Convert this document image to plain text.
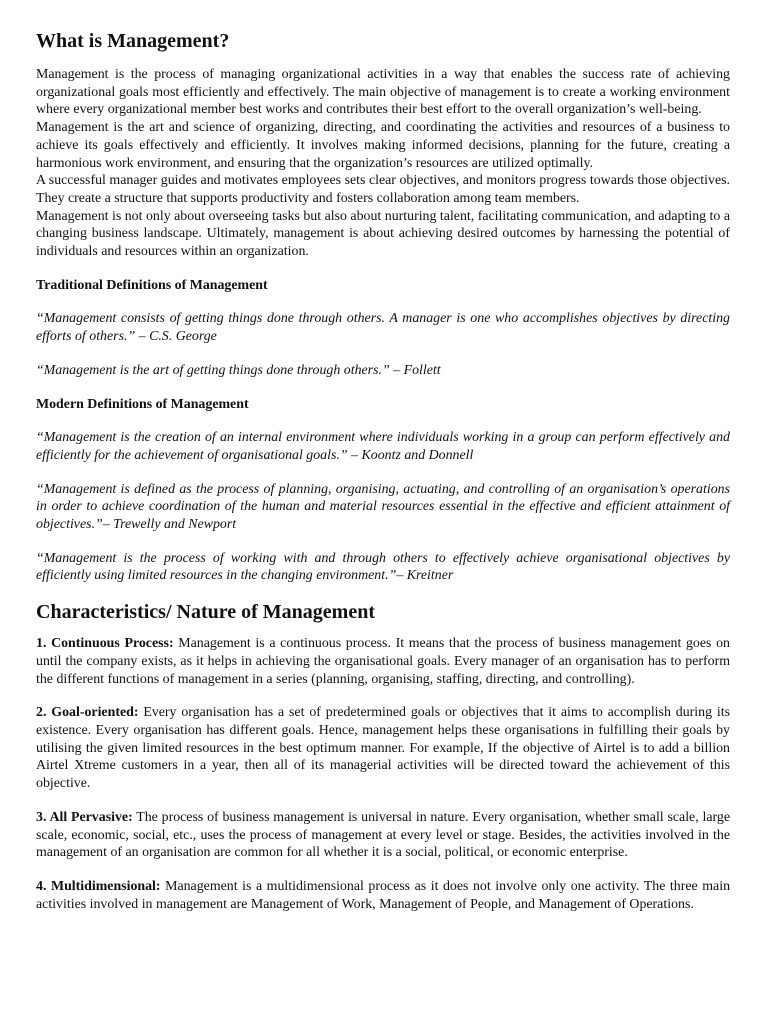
What is Management?

Management is the process of managing organizational activities in a way that enables the success rate of achieving organizational goals most efficiently and effectively. The main objective of management is to create a working environment where every organizational member best works and contributes their best effort to the overall organization’s well-being.

Management is the art and science of organizing, directing, and coordinating the activities and resources of a business to achieve its goals effectively and efficiently. It involves making informed decisions, planning for the future, creating a harmonious work environment, and ensuring that the organization’s resources are utilized optimally.

A successful manager guides and motivates employees sets clear objectives, and monitors progress towards those objectives. They create a structure that supports productivity and fosters collaboration among team members.

Management is not only about overseeing tasks but also about nurturing talent, facilitating communication, and adapting to a changing business landscape. Ultimately, management is about achieving desired outcomes by harnessing the potential of individuals and resources within an organization.

Traditional Definitions of Management

“Management consists of getting things done through others. A manager is one who accomplishes objectives by directing efforts of others.” – C.S. George

“Management is the art of getting things done through others.” – Follett

Modern Definitions of Management

“Management is the creation of an internal environment where individuals working in a group can perform effectively and efficiently for the achievement of organisational goals.” – Koontz and Donnell

“Management is defined as the process of planning, organising, actuating, and controlling of an organisation’s operations in order to achieve coordination of the human and material resources essential in the effective and efficient attainment of objectives.”– Trewelly and Newport

“Management is the process of working with and through others to effectively achieve organisational objectives by efficiently using limited resources in the changing environment.”– Kreitner

Characteristics/ Nature of Management

1. Continuous Process: Management is a continuous process. It means that the process of business management goes on until the company exists, as it helps in achieving the organisational goals. Every manager of an organisation has to perform the different functions of management in a series (planning, organising, staffing, directing, and controlling).

2. Goal-oriented: Every organisation has a set of predetermined goals or objectives that it aims to accomplish during its existence. Every organisation has different goals. Hence, management helps these organisations in fulfilling their goals by utilising the given limited resources in the best optimum manner. For example, If the objective of Airtel is to add a billion Airtel Xtreme customers in a year, then all of its managerial activities will be directed toward the achievement of this objective.

3. All Pervasive: The process of business management is universal in nature. Every organisation, whether small scale, large scale, economic, social, etc., uses the process of management at every level or stage. Besides, the activities involved in the management of an organisation are common for all whether it is a social, political, or economic enterprise.

4. Multidimensional: Management is a multidimensional process as it does not involve only one activity. The three main activities involved in management are Management of Work, Management of People, and Management of Operations.
